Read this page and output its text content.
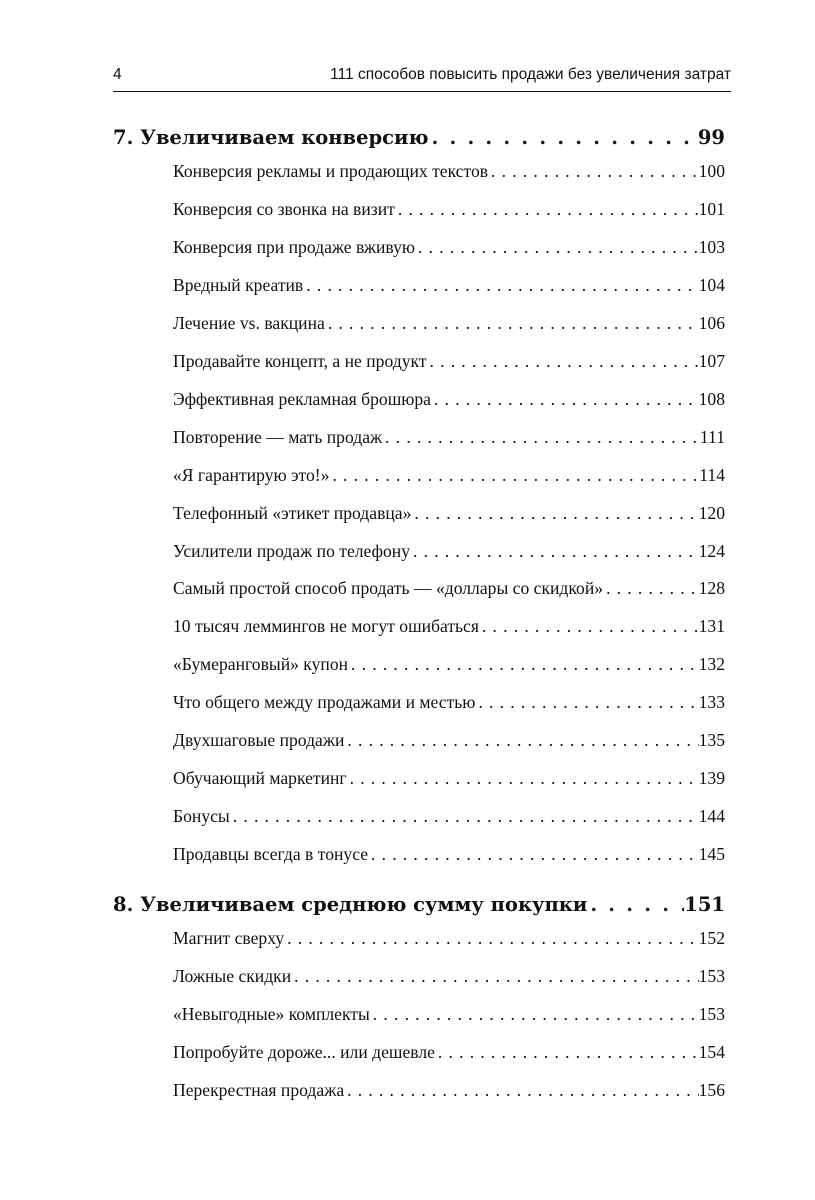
4	111 способов повысить продажи без увеличения затрат
7. Увеличиваем конверсию . . .	99
Конверсия рекламы и продающих текстов . . .	100
Конверсия со звонка на визит . . .	101
Конверсия при продаже вживую . . .	103
Вредный креатив . . .	104
Лечение vs. вакцина . . .	106
Продавайте концепт, а не продукт . . .	107
Эффективная рекламная брошюра . . .	108
Повторение — мать продаж . . .	111
«Я гарантирую это!» . . .	114
Телефонный «этикет продавца» . . .	120
Усилители продаж по телефону . . .	124
Самый простой способ продать — «доллары со скидкой» . . .	128
10 тысяч леммингов не могут ошибаться . . .	131
«Бумеранговый» купон . . .	132
Что общего между продажами и местью . . .	133
Двухшаговые продажи . . .	135
Обучающий маркетинг . . .	139
Бонусы . . .	144
Продавцы всегда в тонусе . . .	145
8. Увеличиваем среднюю сумму покупки . . .	151
Магнит сверху . . .	152
Ложные скидки . . .	153
«Невыгодные» комплекты . . .	153
Попробуйте дороже... или дешевле . . .	154
Перекрестная продажа . . .	156
